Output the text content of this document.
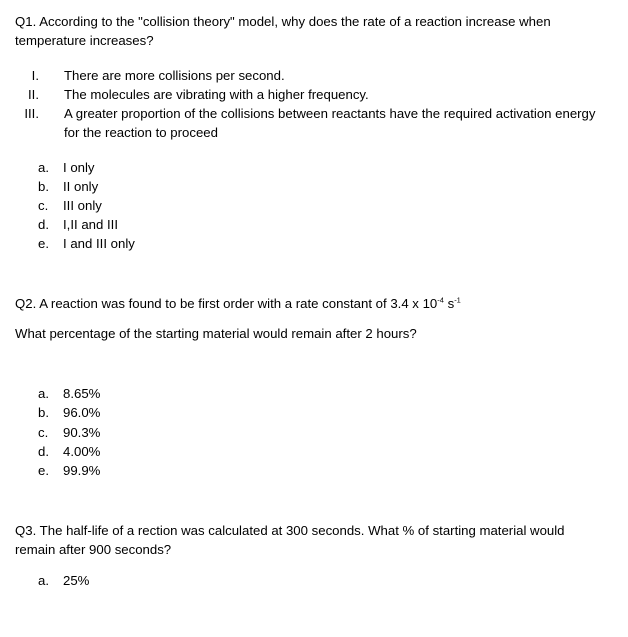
Q1. According to the "collision theory" model, why does the rate of a reaction increase when
temperature increases?
I. There are more collisions per second.
II. The molecules are vibrating with a higher frequency.
III. A greater proportion of the collisions between reactants have the required activation energy
for the reaction to proceed
a. I only
b. II only
c. III only
d. I,II and III
e. I and III only
Q2. A reaction was found to be first order with a rate constant of 3.4 x $10^{-4}$ $s^{-1}$
What percentage of the starting material would remain after 2 hours?
a. 8.65%
b. 96.0%
c. 90.3%
d. 4.00%
e. 99.9%
Q3. The half-life of a rection was calculated at 300 seconds. What % of starting material would
remain after 900 seconds?
a. 25%
